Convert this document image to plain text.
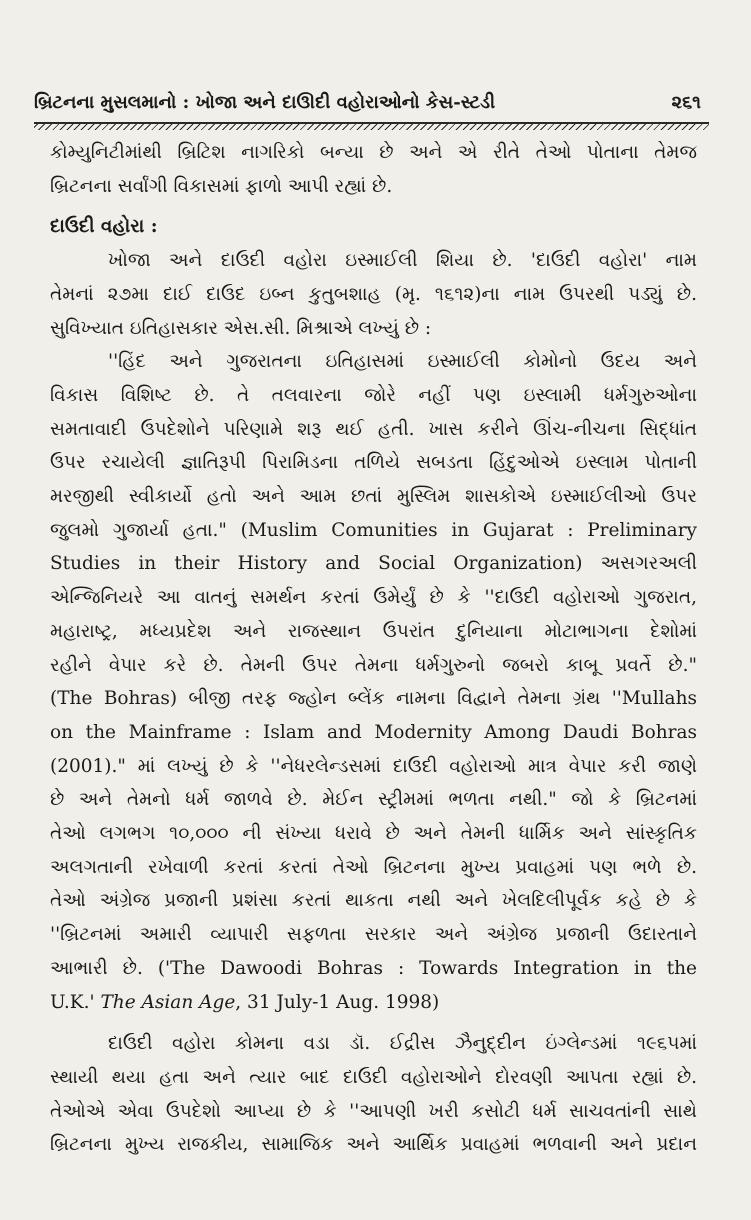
બ્રિટનના મુસલમાનો : ખોજા અને દાઊદી વહોરાઓનો કેસ-સ્ટડી	૨૬૧
કોમ્યુનિટીમાંથી બ્રિટિશ નાગરિકો બન્યા છે અને એ રીતે તેઓ પોતાના તેમજ
બ્રિટનના સર્વાંગી વિકાસમાં ફાળો આપી રહ્યાં છે.
દાઉદી વહોરા :
ખોજા અને દાઉદી વહોરા ઇસ્માઈલી શિયા છે. 'દાઉદી વહોરા' નામ
તેમનાં ૨૭મા દાઈ દાઉદ ઇબ્ન કુતુબશાહ (મૃ. ૧૬૧૨)ના નામ ઉપરથી પડ્યું છે.
સુવિખ્યાત ઇતિહાસકાર એસ.સી. મિશ્રાએ લખ્યું છે :
''હિંદ અને ગુજરાતના ઇતિહાસમાં ઇસ્માઈલી કોમોનો ઉદય અને
વિકાસ વિશિષ્ટ છે. તે તલવારના જોરે નહીં પણ ઇસ્લામી ધર્મગુરુઓના
સમતાવાદી ઉપદેશોને પરિણામે શરૂ થઈ હતી. ખાસ કરીને ઊંચ-નીચના સિદ્ધાંત
ઉપર રચાયેલી જ્ઞાતિરૂપી પિરામિડના તળિયે સબડતા હિંદુઓએ ઇસ્લામ પોતાની
મરજીથી સ્વીકાર્યો હતો અને આમ છતાં મુસ્લિમ શાસકોએ ઇસ્માઈલીઓ ઉપર
જુલમો ગુજાર્યા હતા." (Muslim Comunities in Gujarat : Preliminary
Studies in their History and Social Organization) અસગરઅલી
એન્જિનિયરે આ વાતનું સમર્થન કરતાં ઉમેર્યું છે કે ''દાઉદી વહોરાઓ ગુજરાત,
મહારાષ્ટ્ર, મધ્યપ્રદેશ અને રાજસ્થાન ઉપરાંત દુનિયાના મોટાભાગના દેશોમાં
રહીને વેપાર કરે છે. તેમની ઉપર તેમના ધર્મગુરુનો જબરો કાબૂ પ્રવર્તે છે."
(The Bohras) બીજી તરફ જ્હોન બ્લેંક નામના વિદ્વાને તેમના ગ્રંથ ''Mullahs
on the Mainframe : Islam and Modernity Among Daudi Bohras
(2001)." માં લખ્યું છે કે ''નેધરલેન્ડસમાં દાઉદી વહોરાઓ માત્ર વેપાર કરી જાણે
છે અને તેમનો ધર્મ જાળવે છે. મેઈન સ્ટ્રીમમાં ભળતા નથી." જો કે બ્રિટનમાં
તેઓ લગભગ ૧૦,૦૦૦ ની સંખ્યા ધરાવે છે અને તેમની ધાર્મિક અને સાંસ્કૃતિક
અલગતાની રખેવાળી કરતાં કરતાં તેઓ બ્રિટનના મુખ્ય પ્રવાહમાં પણ ભળે છે.
તેઓ અંગ્રેજ પ્રજાની પ્રશંસા કરતાં થાકતા નથી અને ખેલદિલીપૂર્વક કહે છે કે
''બ્રિટનમાં અમારી વ્યાપારી સફળતા સરકાર અને અંગ્રેજ પ્રજાની ઉદારતાને
આભારી છે. ('The Dawoodi Bohras : Towards Integration in the
U.K.' The Asian Age, 31 July-1 Aug. 1998)
દાઉદી વહોરા કોમના વડા ડૉ. ઈદ્રીસ ઝૈનુદ્દીન ઇંગ્લેન્ડમાં ૧૯૬૫માં
સ્થાયી થયા હતા અને ત્યાર બાદ દાઉદી વહોરાઓને દોરવણી આપતા રહ્યાં છે.
તેઓએ એવા ઉપદેશો આપ્યા છે કે ''આપણી ખરી કસોટી ધર્મ સાચવતાંની સાથે
બ્રિટનના મુખ્ય રાજકીય, સામાજિક અને આર્થિક પ્રવાહમાં ભળવાની અને પ્રદાન
